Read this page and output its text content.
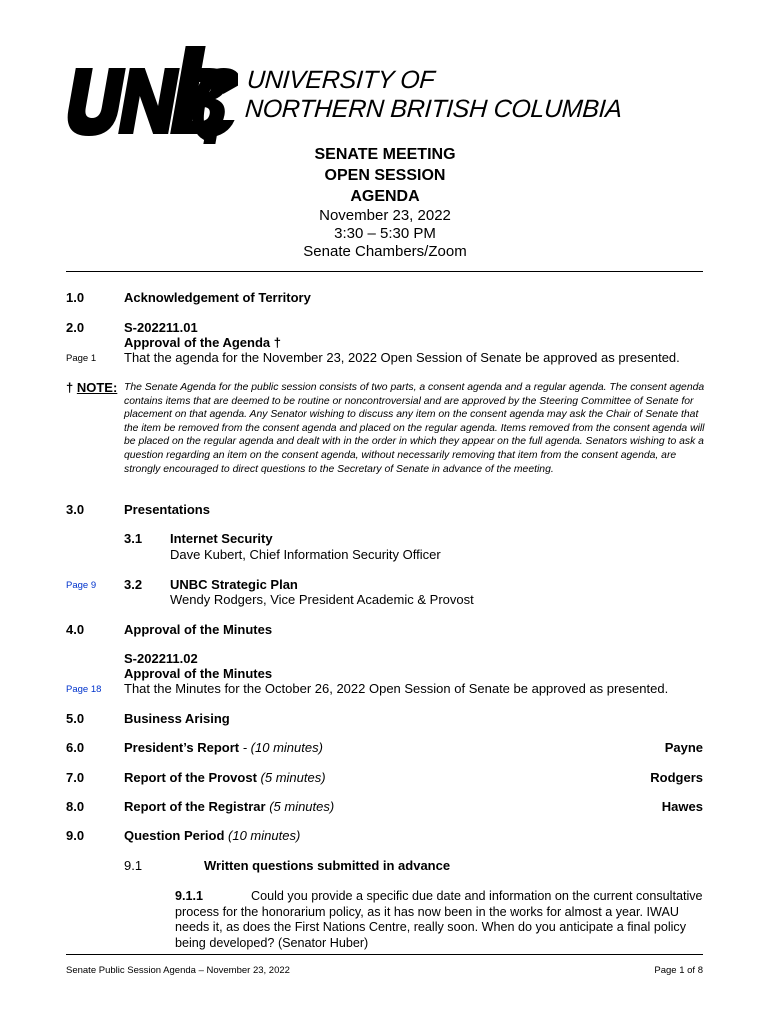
UNIVERSITY OF
NORTHERN BRITISH COLUMBIA
SENATE MEETING
OPEN SESSION
AGENDA
November 23, 2022
3:30 – 5:30 PM
Senate Chambers/Zoom
1.0	Acknowledgement of Territory
2.0	S-202211.01
Approval of the Agenda †
That the agenda for the November 23, 2022 Open Session of Senate be approved as presented.
Page 1
† NOTE: The Senate Agenda for the public session consists of two parts, a consent agenda and a regular agenda. The consent agenda contains items that are deemed to be routine or noncontroversial and are approved by the Steering Committee of Senate for placement on that agenda. Any Senator wishing to discuss any item on the consent agenda may ask the Chair of Senate that the item be removed from the consent agenda and placed on the regular agenda. Items removed from the consent agenda will be placed on the regular agenda and dealt with in the order in which they appear on the full agenda. Senators wishing to ask a question regarding an item on the consent agenda, without necessarily removing that item from the consent agenda, are strongly encouraged to direct questions to the Secretary of Senate in advance of the meeting.
3.0	Presentations
3.1 Internet Security
Dave Kubert, Chief Information Security Officer
Page 9 3.2 UNBC Strategic Plan
Wendy Rodgers, Vice President Academic & Provost
4.0	Approval of the Minutes
S-202211.02
Approval of the Minutes
That the Minutes for the October 26, 2022 Open Session of Senate be approved as presented.
Page 18
5.0	Business Arising
6.0	President’s Report - (10 minutes)	Payne
7.0	Report of the Provost (5 minutes)	Rodgers
8.0	Report of the Registrar (5 minutes)	Hawes
9.0	Question Period (10 minutes)
9.1	Written questions submitted in advance
9.1.1	Could you provide a specific due date and information on the current consultative process for the honorarium policy, as it has now been in the works for almost a year. IWAU needs it, as does the First Nations Centre, really soon. When do you anticipate a final policy being developed? (Senator Huber)
Senate Public Session Agenda – November 23, 2022	Page 1 of 8
